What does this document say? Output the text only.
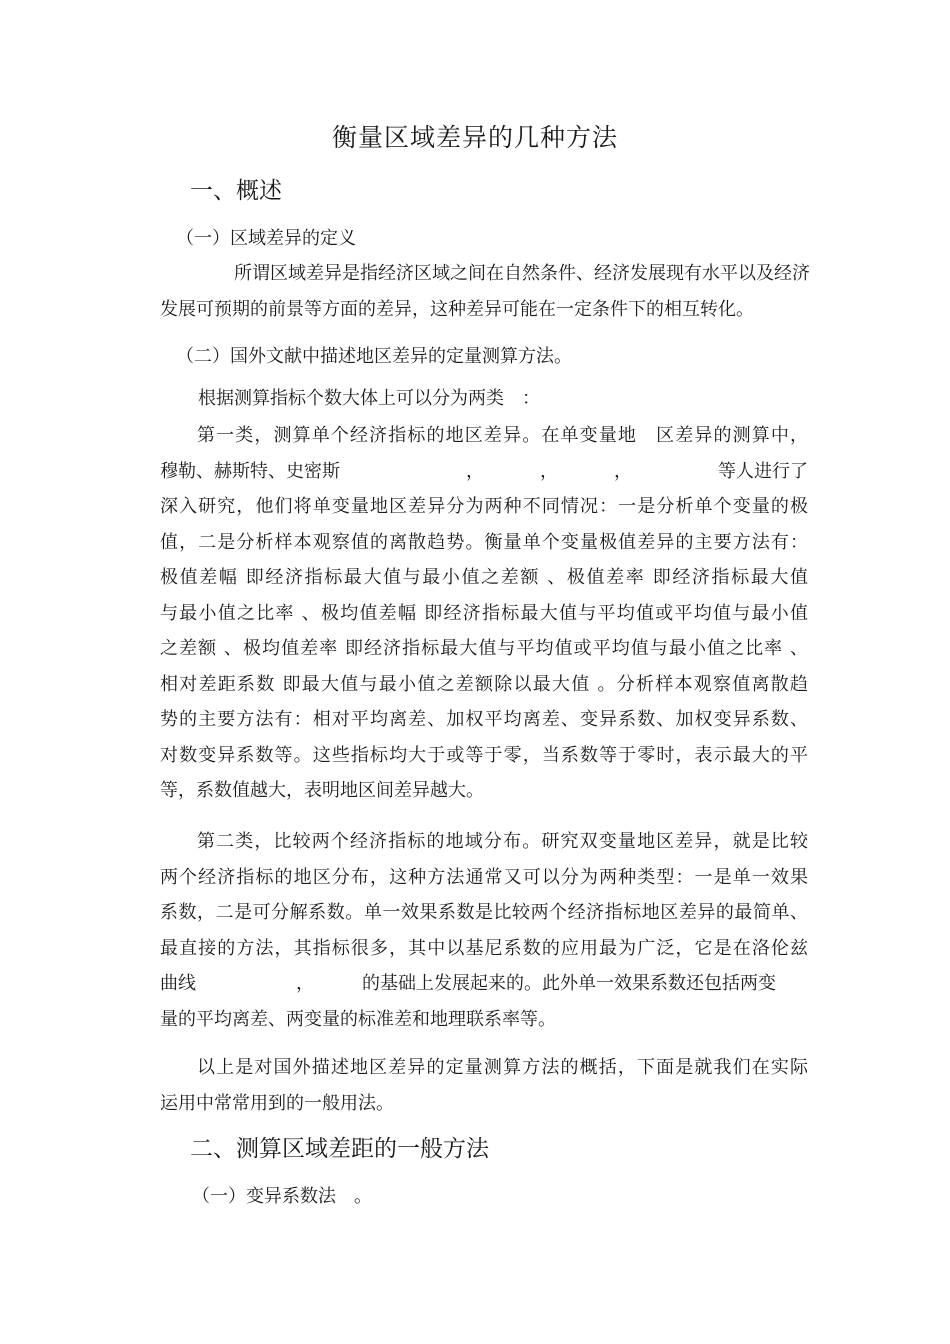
衡量区域差异的几种方法
一、概述
（一）区域差异的定义
所谓区域差异是指经济区域之间在自然条件、经济发展现有水平以及经济
发展可预期的前景等方面的差异，这种差异可能在一定条件下的相互转化。
（二）国外文献中描述地区差异的定量测算方法。
根据测算指标个数大体上可以分为两类　：
第一类，测算单个经济指标的地区差异。在单变量地　区差异的测算中，
穆勒、赫斯特、史密斯	，	，	，	等人进行了
深入研究，他们将单变量地区差异分为两种不同情况：一是分析单个变量的极
值，二是分析样本观察值的离散趋势。衡量单个变量极值差异的主要方法有：
极值差幅 即经济指标最大值与最小值之差额 、极值差率 即经济指标最大值
与最小值之比率 、极均值差幅 即经济指标最大值与平均值或平均值与最小值
之差额 、极均值差率 即经济指标最大值与平均值或平均值与最小值之比率 、
相对差距系数 即最大值与最小值之差额除以最大值 。分析样本观察值离散趋
势的主要方法有：相对平均离差、加权平均离差、变异系数、加权变异系数、
对数变异系数等。这些指标均大于或等于零，当系数等于零时，表示最大的平
等，系数值越大，表明地区间差异越大。
第二类，比较两个经济指标的地域分布。研究双变量地区差异，就是比较
两个经济指标的地区分布，这种方法通常又可以分为两种类型：一是单一效果
系数，二是可分解系数。单一效果系数是比较两个经济指标地区差异的最简单、
最直接的方法，其指标很多，其中以基尼系数的应用最为广泛，它是在洛伦兹
曲线	，	的基础上发展起来的。此外单一效果系数还包括两变
量的平均离差、两变量的标准差和地理联系率等。
以上是对国外描述地区差异的定量测算方法的概括，下面是就我们在实际
运用中常常用到的一般用法。
二、测算区域差距的一般方法
（一）变异系数法　。
